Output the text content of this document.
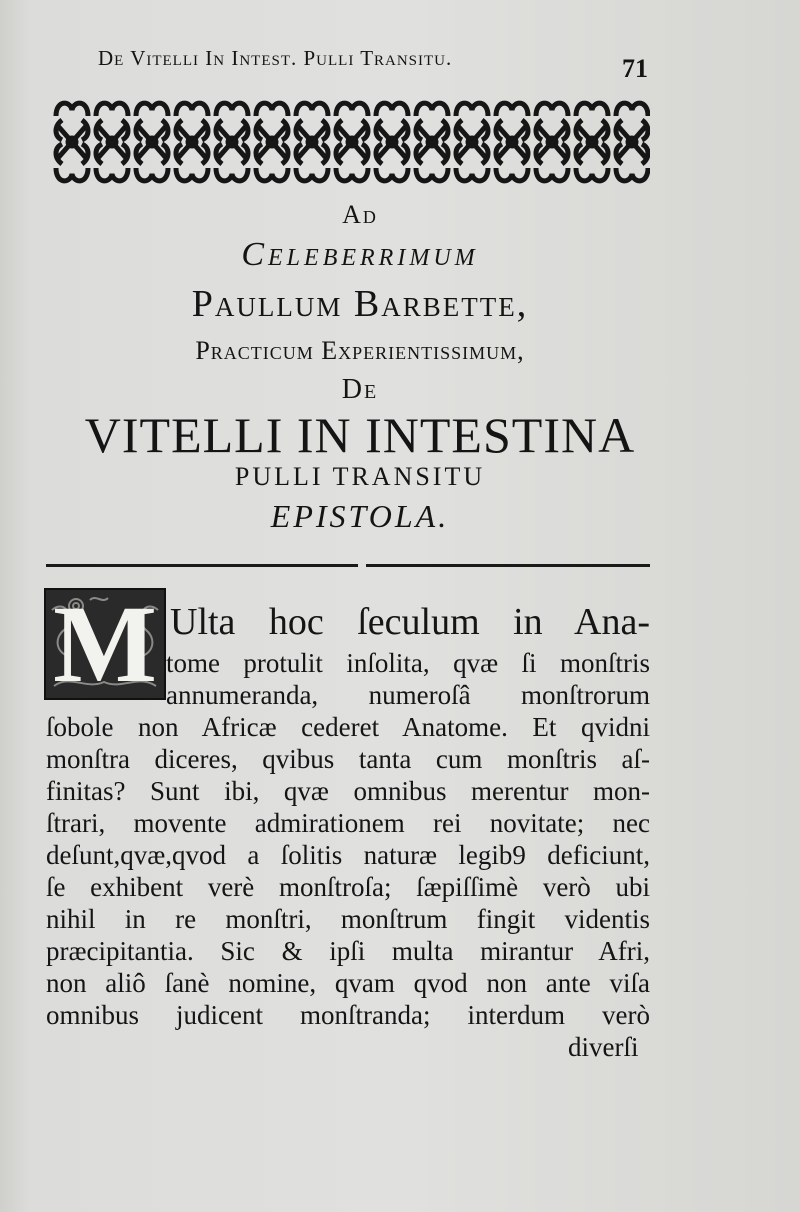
De Vitelli In Intest. Pulli Transitu.	71
Ad
Celeberrimum
Paullum Barbette,
Practicum Experientissimum,
De
VITELLI IN INTESTINA
PULLI TRANSITU
EPISTOLA.
M Ulta hoc ſeculum in Ana-
tome protulit inſolita, qvæ ſi monſtris
annumeranda, numeroſâ monſtrorum
ſobole non Africæ cederet Anatome. Et qvidni
monſtra diceres, qvibus tanta cum monſtris aſ-
finitas? Sunt ibi, qvæ omnibus merentur mon-
ſtrari, movente admirationem rei novitate; nec
deſunt,qvæ,qvod a ſolitis naturæ legib9 deficiunt,
ſe exhibent verè monſtroſa; ſæpiſſimè verò ubi
nihil in re monſtri, monſtrum fingit videntis
præcipitantia. Sic & ipſi multa mirantur Afri,
non aliô ſanè nomine, qvam qvod non ante viſa
omnibus judicent monſtranda; interdum verò
diverſi
